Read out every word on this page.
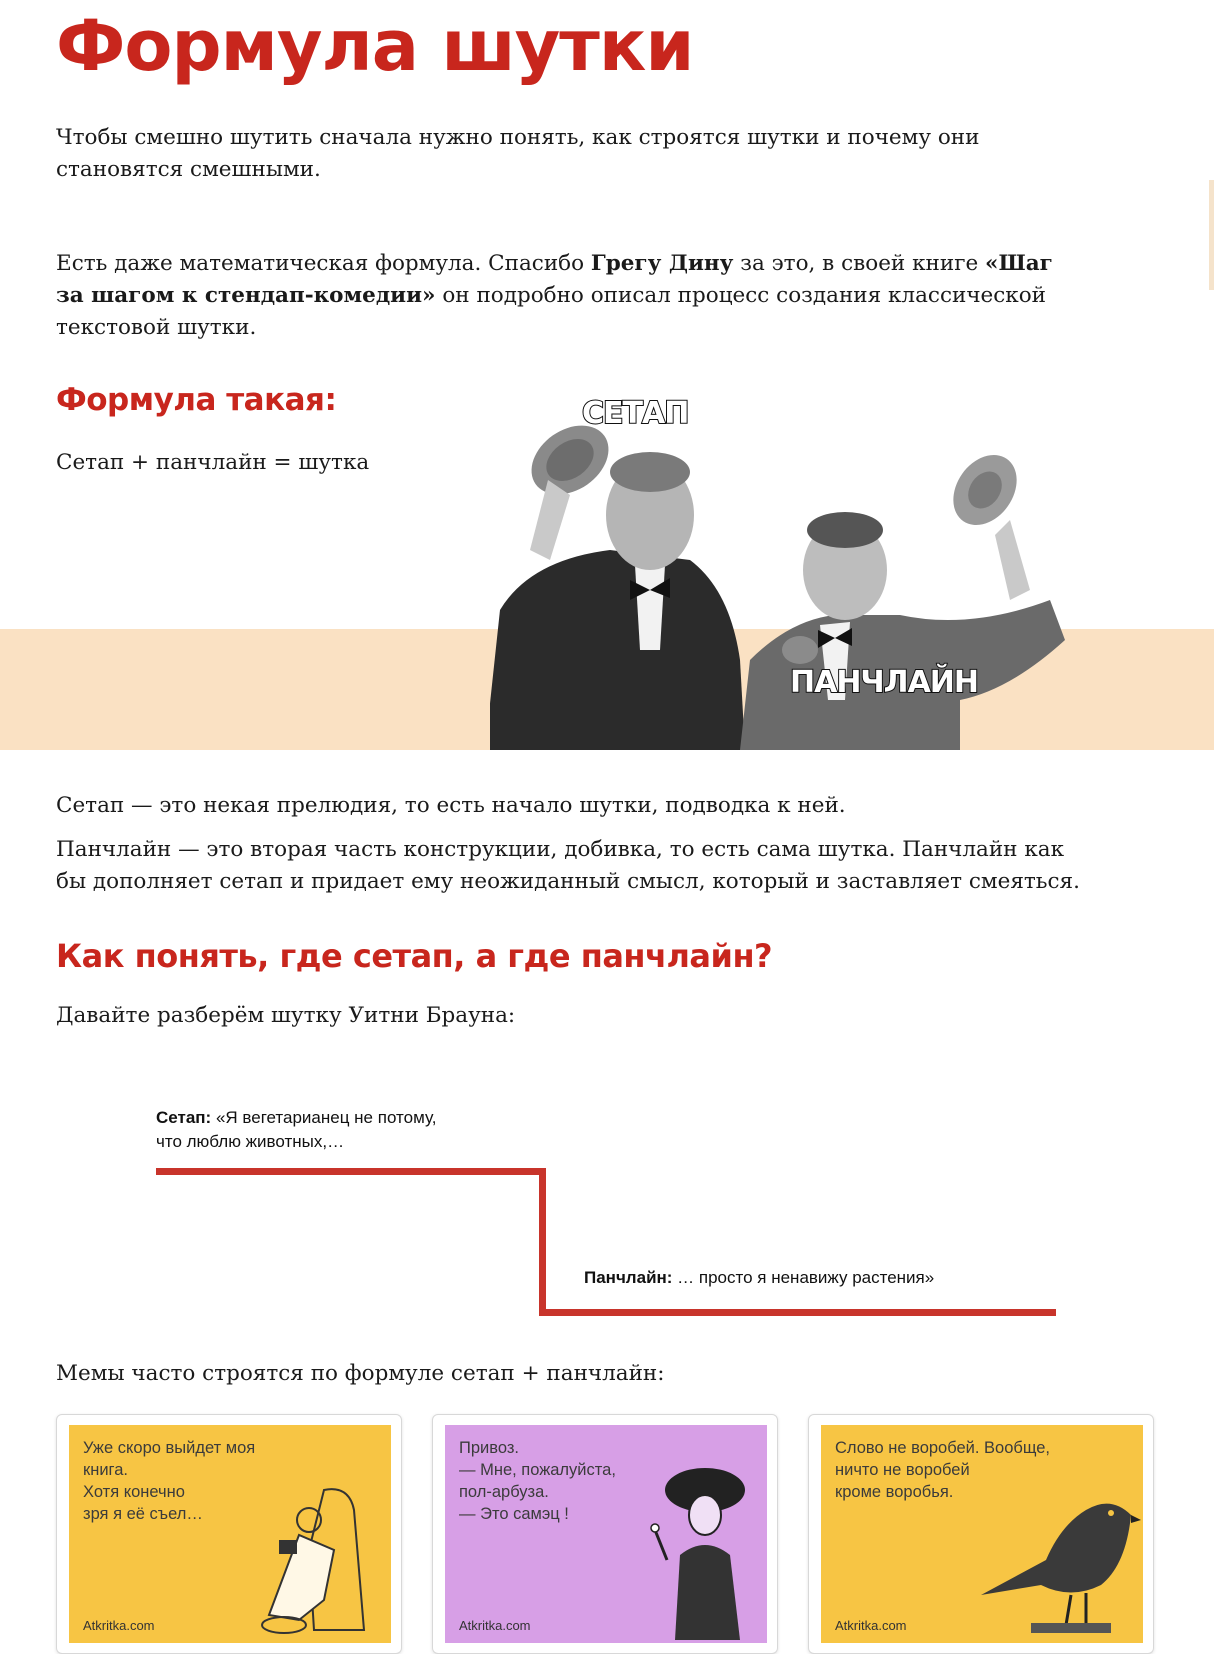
Формула шутки

Чтобы смешно шутить сначала нужно понять, как строятся шутки и почему они становятся смешными.

Есть даже математическая формула. Спасибо Грегу Дину за это, в своей книге «Шаг за шагом к стендап-комедии» он подробно описал процесс создания классической текстовой шутки.

Формула такая:

Сетап + панчлайн = шутка

СЕТАП
ПАНЧЛАЙН

Сетап — это некая прелюдия, то есть начало шутки, подводка к ней.

Панчлайн — это вторая часть конструкции, добивка, то есть сама шутка. Панчлайн как бы дополняет сетап и придает ему неожиданный смысл, который и заставляет смеяться.

Как понять, где сетап, а где панчлайн?

Давайте разберём шутку Уитни Брауна:

Сетап: «Я вегетарианец не потому,
что люблю животных,…
Панчлайн: … просто я ненавижу растения»

Мемы часто строятся по формуле сетап + панчлайн:

Уже скоро выйдет моя книга.
Хотя конечно
зря я её съел…
Atkritka.com
Привоз.
— Мне, пожалуйста,
пол-арбуза.
— Это самэц !
Atkritka.com
Слово не воробей. Вообще,
ничто не воробей
кроме воробья.
Atkritka.com
